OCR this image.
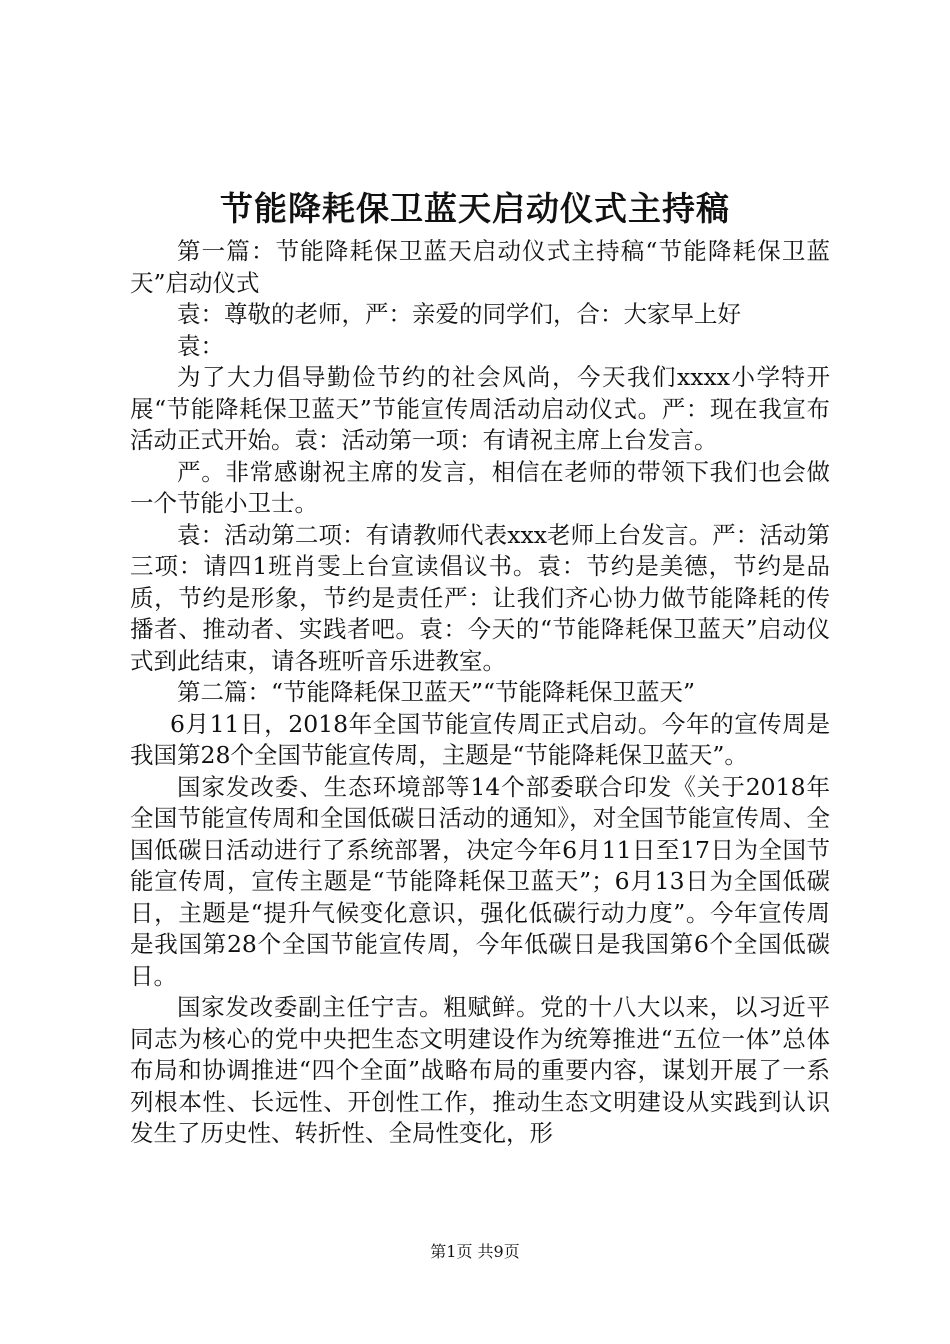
节能降耗保卫蓝天启动仪式主持稿

第一篇：节能降耗保卫蓝天启动仪式主持稿“节能降耗保卫蓝天”启动仪式

袁：尊敬的老师，严：亲爱的同学们，合：大家早上好

袁：

为了大力倡导勤俭节约的社会风尚，今天我们xxxx小学特开展“节能降耗保卫蓝天”节能宣传周活动启动仪式。严：现在我宣布活动正式开始。袁：活动第一项：有请祝主席上台发言。

严。非常感谢祝主席的发言，相信在老师的带领下我们也会做一个节能小卫士。

袁：活动第二项：有请教师代表xxx老师上台发言。严：活动第三项：请四1班肖雯上台宣读倡议书。袁：节约是美德，节约是品质，节约是形象，节约是责任严：让我们齐心协力做节能降耗的传播者、推动者、实践者吧。袁：今天的“节能降耗保卫蓝天”启动仪式到此结束，请各班听音乐进教室。

第二篇：“节能降耗保卫蓝天”“节能降耗保卫蓝天”

6月11日，2018年全国节能宣传周正式启动。今年的宣传周是我国第28个全国节能宣传周，主题是“节能降耗保卫蓝天”。

国家发改委、生态环境部等14个部委联合印发《关于2018年全国节能宣传周和全国低碳日活动的通知》，对全国节能宣传周、全国低碳日活动进行了系统部署，决定今年6月11日至17日为全国节能宣传周，宣传主题是“节能降耗保卫蓝天”；6月13日为全国低碳日，主题是“提升气候变化意识，强化低碳行动力度”。今年宣传周是我国第28个全国节能宣传周，今年低碳日是我国第6个全国低碳日。

国家发改委副主任宁吉。粗赋鲜。党的十八大以来，以习近平同志为核心的党中央把生态文明建设作为统筹推进“五位一体”总体布局和协调推进“四个全面”战略布局的重要内容，谋划开展了一系列根本性、长远性、开创性工作，推动生态文明建设从实践到认识发生了历史性、转折性、全局性变化，形

第1页 共9页
